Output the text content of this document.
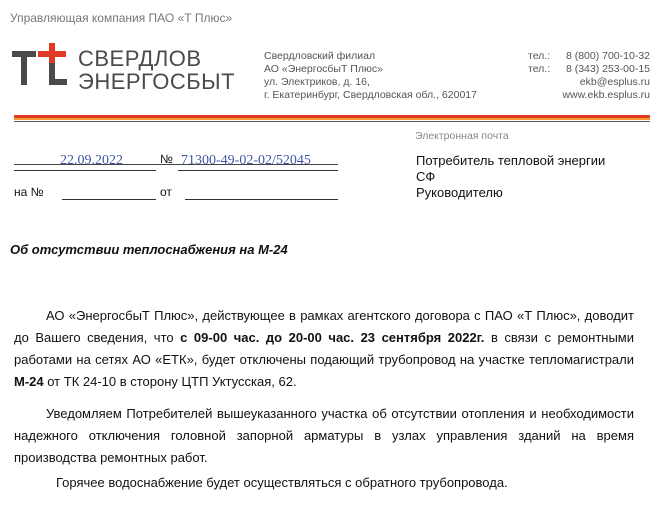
Управляющая компания ПАО «Т Плюс»
СВЕРДЛОВ
ЭНЕРГОСБЫТ
Свердловский филиал
АО «ЭнергосбыТ Плюс»
ул. Электриков, д. 16,
г. Екатеринбург, Свердловская обл., 620017
тел.:	8 (800) 700-10-32
тел.:	8 (343) 253-00-15
ekb@esplus.ru
www.ekb.esplus.ru
Электронная почта
Потребитель тепловой энергии
СФ
Руководителю
22.09.2022	№ 71300-49-02-02/52045
на №	от
Об отсутствии теплоснабжения на М-24
АО «ЭнергосбыТ Плюс», действующее в рамках агентского договора с ПАО «Т Плюс», доводит до Вашего сведения, что с 09-00 час. до 20-00 час. 23 сентября 2022г. в связи с ремонтными работами на сетях АО «ЕТК», будет отключены подающий трубопровод на участке тепломагистрали М-24 от ТК 24-10 в сторону ЦТП Уктусская, 62.
Уведомляем Потребителей вышеуказанного участка об отсутствии отопления и необходимости надежного отключения головной запорной арматуры в узлах управления зданий на время производства ремонтных работ.
Горячее водоснабжение будет осуществляться с обратного трубопровода.
